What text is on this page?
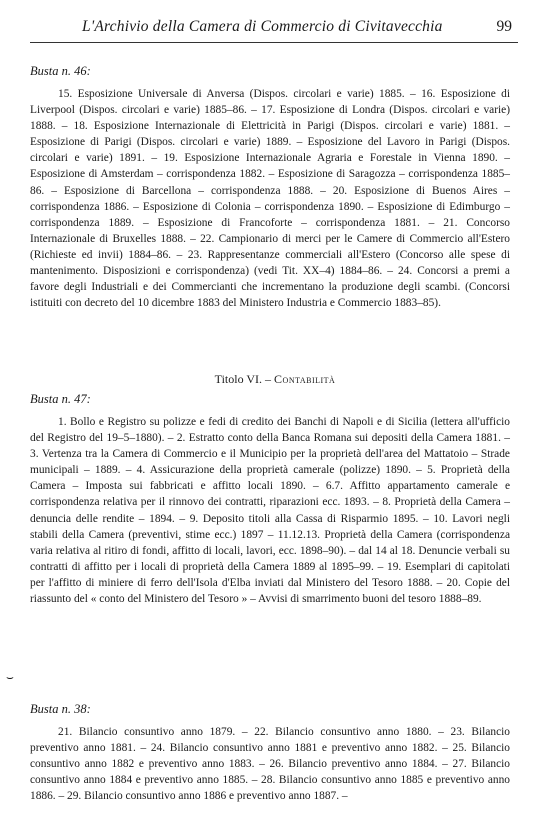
L'Archivio della Camera di Commercio di Civitavecchia	99
Busta n. 46:

15. Esposizione Universale di Anversa (Dispos. circolari e varie) 1885. – 16. Esposizione di Liverpool (Dispos. circolari e varie) 1885–86. – 17. Esposizione di Londra (Dispos. circolari e varie) 1888. – 18. Esposizione Internazionale di Elettricità in Parigi (Dispos. circolari e varie) 1881. – Esposizione di Parigi (Dispos. circolari e varie) 1889. – Esposizione del Lavoro in Parigi (Dispos. circolari e varie) 1891. – 19. Esposizione Internazionale Agraria e Forestale in Vienna 1890. – Esposizione di Amsterdam – corrispondenza 1882. – Esposizione di Saragozza – corrispondenza 1885–86. – Esposizione di Barcellona – corrispondenza 1888. – 20. Esposizione di Buenos Aires – corrispondenza 1886. – Esposizione di Colonia – corrispondenza 1890. – Esposizione di Edimburgo – corrispondenza 1889. – Esposizione di Francoforte – corrispondenza 1881. – 21. Concorso Internazionale di Bruxelles 1888. – 22. Campionario di merci per le Camere di Commercio all'Estero (Richieste ed invii) 1884–86. – 23. Rappresentanze commerciali all'Estero (Concorso alle spese di mantenimento. Disposizioni e corrispondenza) (vedi Tit. XX–4) 1884–86. – 24. Concorsi a premi a favore degli Industriali e dei Commercianti che incrementano la produzione degli scambi. (Concorsi istituiti con decreto del 10 dicembre 1883 del Ministero Industria e Commercio 1883–85).

Titolo VI. – Contabilità
Busta n. 47:

1. Bollo e Registro su polizze e fedi di credito dei Banchi di Napoli e di Sicilia (lettera all'ufficio del Registro del 19–5–1880). – 2. Estratto conto della Banca Romana sui depositi della Camera 1881. – 3. Vertenza tra la Camera di Commercio e il Municipio per la proprietà dell'area del Mattatoio – Strade municipali – 1889. – 4. Assicurazione della proprietà camerale (polizze) 1890. – 5. Proprietà della Camera – Imposta sui fabbricati e affitto locali 1890. – 6.7. Affitto appartamento camerale e corrispondenza relativa per il rinnovo dei contratti, riparazioni ecc. 1893. – 8. Proprietà della Camera – denuncia delle rendite – 1894. – 9. Deposito titoli alla Cassa di Risparmio 1895. – 10. Lavori negli stabili della Camera (preventivi, stime ecc.) 1897 – 11.12.13. Proprietà della Camera (corrispondenza varia relativa al ritiro di fondi, affitto di locali, lavori, ecc. 1898–90). – dal 14 al 18. Denuncie verbali su contratti di affitto per i locali di proprietà della Camera 1889 al 1895–99. – 19. Esemplari di capitolati per l'affitto di miniere di ferro dell'Isola d'Elba inviati dal Ministero del Tesoro 1888. – 20. Copie del riassunto del « conto del Ministero del Tesoro » – Avvisi di smarrimento buoni del tesoro 1888–89.

⌣
Busta n. 38:

21. Bilancio consuntivo anno 1879. – 22. Bilancio consuntivo anno 1880. – 23. Bilancio preventivo anno 1881. – 24. Bilancio consuntivo anno 1881 e preventivo anno 1882. – 25. Bilancio consuntivo anno 1882 e preventivo anno 1883. – 26. Bilancio preventivo anno 1884. – 27. Bilancio consuntivo anno 1884 e preventivo anno 1885. – 28. Bilancio consuntivo anno 1885 e preventivo anno 1886. – 29. Bilancio consuntivo anno 1886 e preventivo anno 1887. –
